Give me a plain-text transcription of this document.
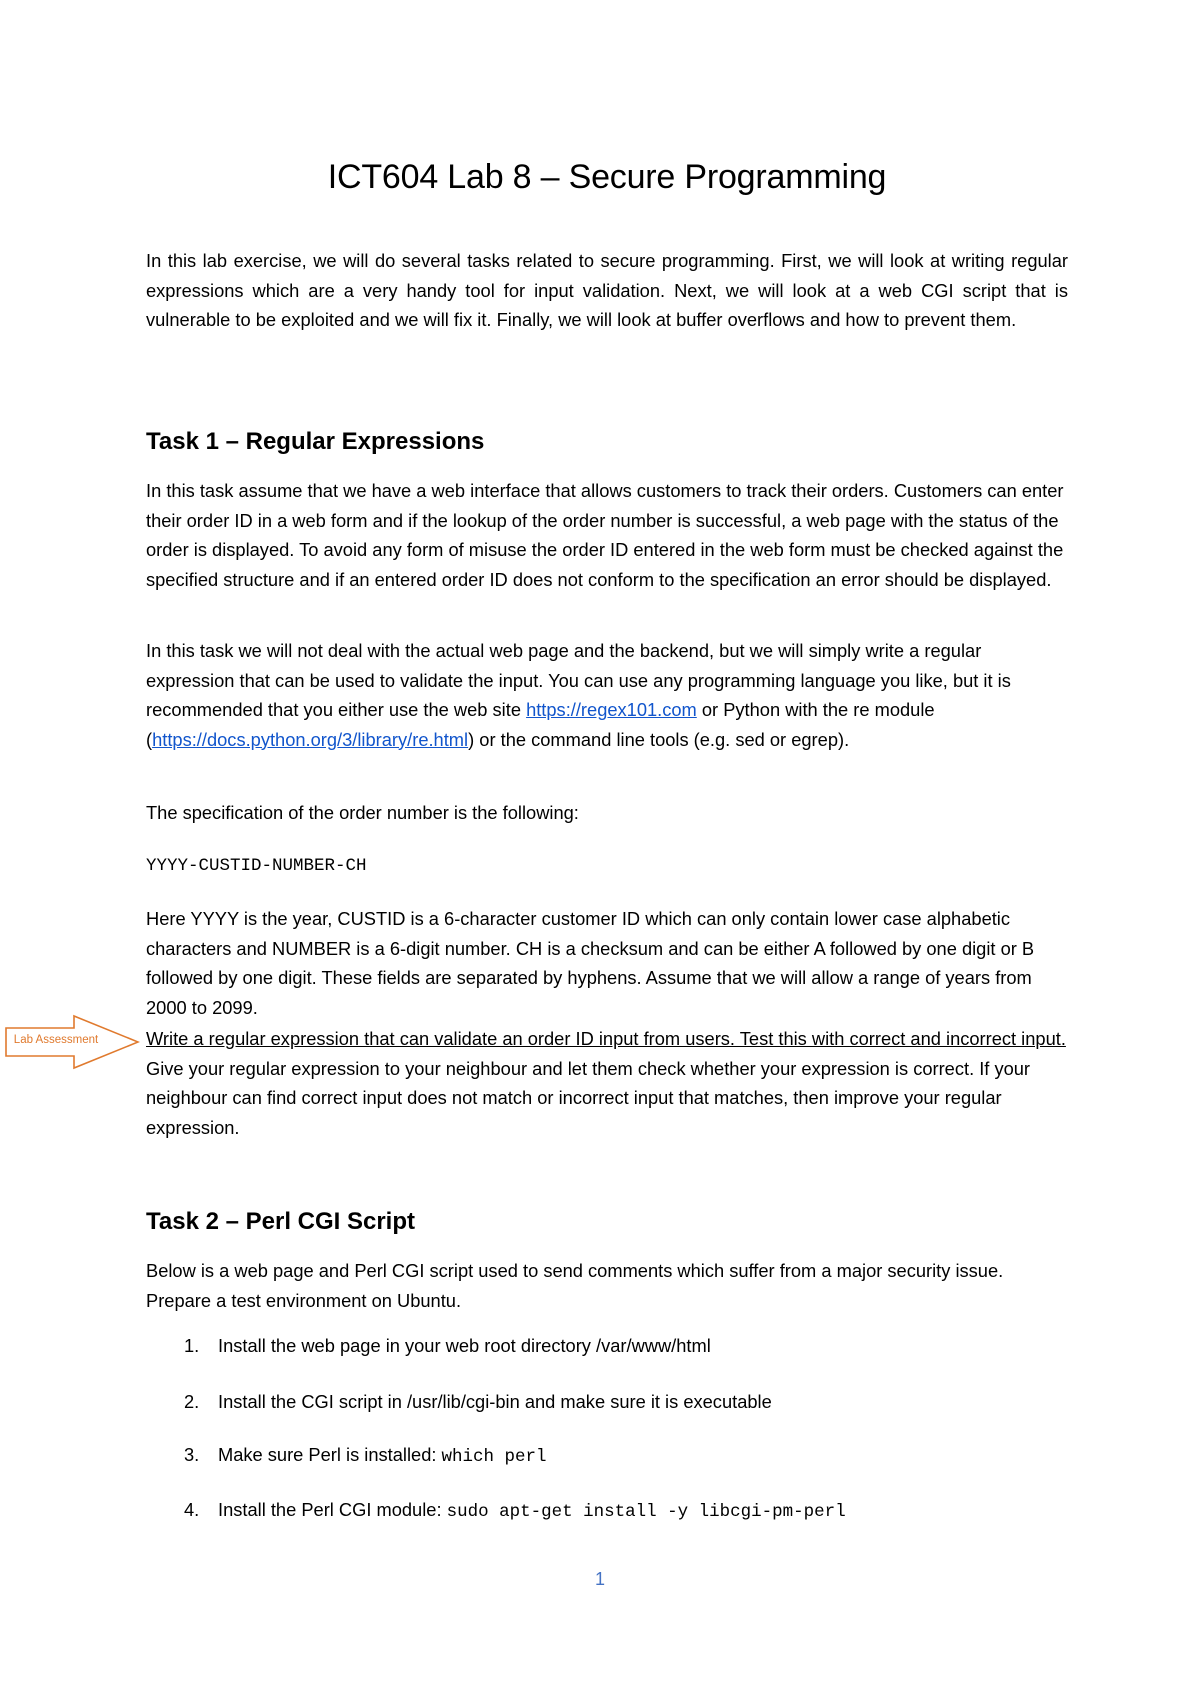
Lab Assessment
ICT604 Lab 8 – Secure Programming
In this lab exercise, we will do several tasks related to secure programming. First, we will look at writing regular expressions which are a very handy tool for input validation. Next, we will look at a web CGI script that is vulnerable to be exploited and we will fix it. Finally, we will look at buffer overflows and how to prevent them.
Task 1 – Regular Expressions
In this task assume that we have a web interface that allows customers to track their orders. Customers can enter their order ID in a web form and if the lookup of the order number is successful, a web page with the status of the order is displayed. To avoid any form of misuse the order ID entered in the web form must be checked against the specified structure and if an entered order ID does not conform to the specification an error should be displayed.
In this task we will not deal with the actual web page and the backend, but we will simply write a regular expression that can be used to validate the input. You can use any programming language you like, but it is recommended that you either use the web site https://regex101.com or Python with the re module (https://docs.python.org/3/library/re.html) or the command line tools (e.g. sed or egrep).
The specification of the order number is the following:
YYYY-CUSTID-NUMBER-CH
Here YYYY is the year, CUSTID is a 6-character customer ID which can only contain lower case alphabetic characters and NUMBER is a 6-digit number. CH is a checksum and can be either A followed by one digit or B followed by one digit. These fields are separated by hyphens. Assume that we will allow a range of years from 2000 to 2099.
Write a regular expression that can validate an order ID input from users. Test this with correct and incorrect input. Give your regular expression to your neighbour and let them check whether your expression is correct. If your neighbour can find correct input does not match or incorrect input that matches, then improve your regular expression.
Task 2 – Perl CGI Script
Below is a web page and Perl CGI script used to send comments which suffer from a major security issue. Prepare a test environment on Ubuntu.
1. Install the web page in your web root directory /var/www/html
2. Install the CGI script in /usr/lib/cgi-bin and make sure it is executable
3. Make sure Perl is installed: which perl
4. Install the Perl CGI module: sudo apt-get install -y libcgi-pm-perl
1
